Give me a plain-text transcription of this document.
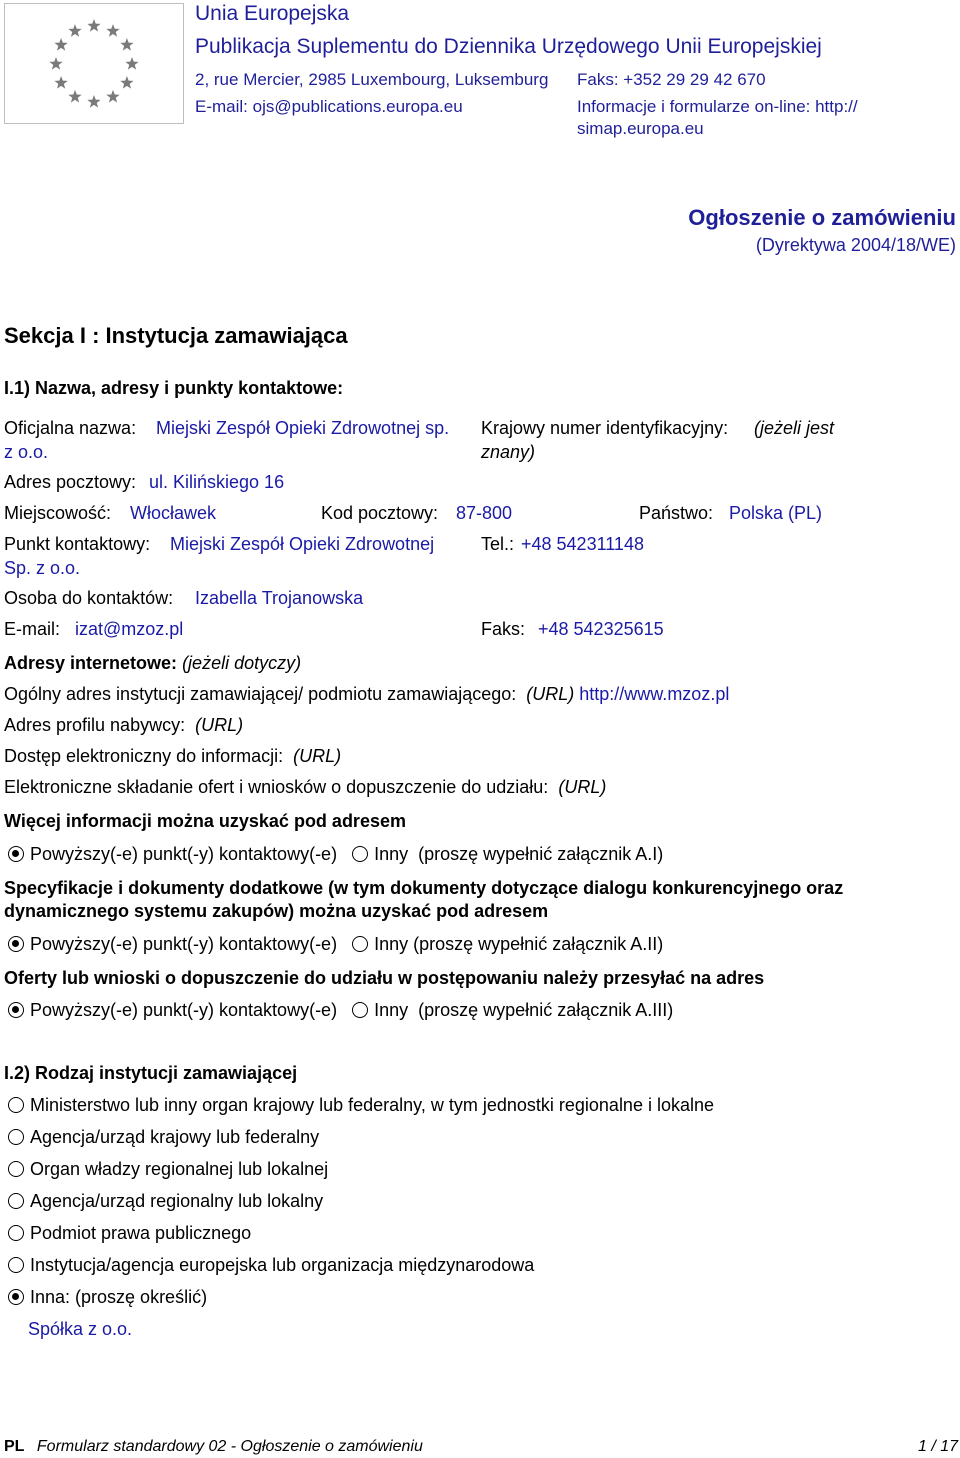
Unia Europejska
Publikacja Suplementu do Dziennika Urzędowego Unii Europejskiej
2, rue Mercier, 2985 Luxembourg, Luksemburg Faks: +352 29 29 42 670
E-mail: ojs@publications.europa.eu	Informacje i formularze on-line: http://
simap.europa.eu
Ogłoszenie o zamówieniu
(Dyrektywa 2004/18/WE)
Sekcja I : Instytucja zamawiająca
I.1) Nazwa, adresy i punkty kontaktowe:
Oficjalna nazwa: Miejski Zespół Opieki Zdrowotnej sp.
z o.o.
Krajowy numer identyfikacyjny: (jeżeli jest
znany)
Adres pocztowy: ul. Kilińskiego 16
Miejscowość: Włocławek	Kod pocztowy: 87-800	Państwo: Polska (PL)
Punkt kontaktowy: Miejski Zespół Opieki Zdrowotnej
Sp. z o.o.
Tel.: +48 542311148
Osoba do kontaktów: Izabella Trojanowska
E-mail: izat@mzoz.pl	Faks: +48 542325615
Adresy internetowe: (jeżeli dotyczy)
Ogólny adres instytucji zamawiającej/ podmiotu zamawiającego: (URL) http://www.mzoz.pl
Adres profilu nabywcy: (URL)
Dostęp elektroniczny do informacji: (URL)
Elektroniczne składanie ofert i wniosków o dopuszczenie do udziału: (URL)
Więcej informacji można uzyskać pod adresem
Powyższy(-e) punkt(-y) kontaktowy(-e) Inny (proszę wypełnić załącznik A.I)
Specyfikacje i dokumenty dodatkowe (w tym dokumenty dotyczące dialogu konkurencyjnego oraz
dynamicznego systemu zakupów) można uzyskać pod adresem
Powyższy(-e) punkt(-y) kontaktowy(-e) Inny (proszę wypełnić załącznik A.II)
Oferty lub wnioski o dopuszczenie do udziału w postępowaniu należy przesyłać na adres
Powyższy(-e) punkt(-y) kontaktowy(-e) Inny (proszę wypełnić załącznik A.III)
I.2) Rodzaj instytucji zamawiającej
Ministerstwo lub inny organ krajowy lub federalny, w tym jednostki regionalne i lokalne
Agencja/urząd krajowy lub federalny
Organ władzy regionalnej lub lokalnej
Agencja/urząd regionalny lub lokalny
Podmiot prawa publicznego
Instytucja/agencja europejska lub organizacja międzynarodowa
Inna: (proszę określić)
Spółka z o.o.
PL Formularz standardowy 02 - Ogłoszenie o zamówieniu	1 / 17
